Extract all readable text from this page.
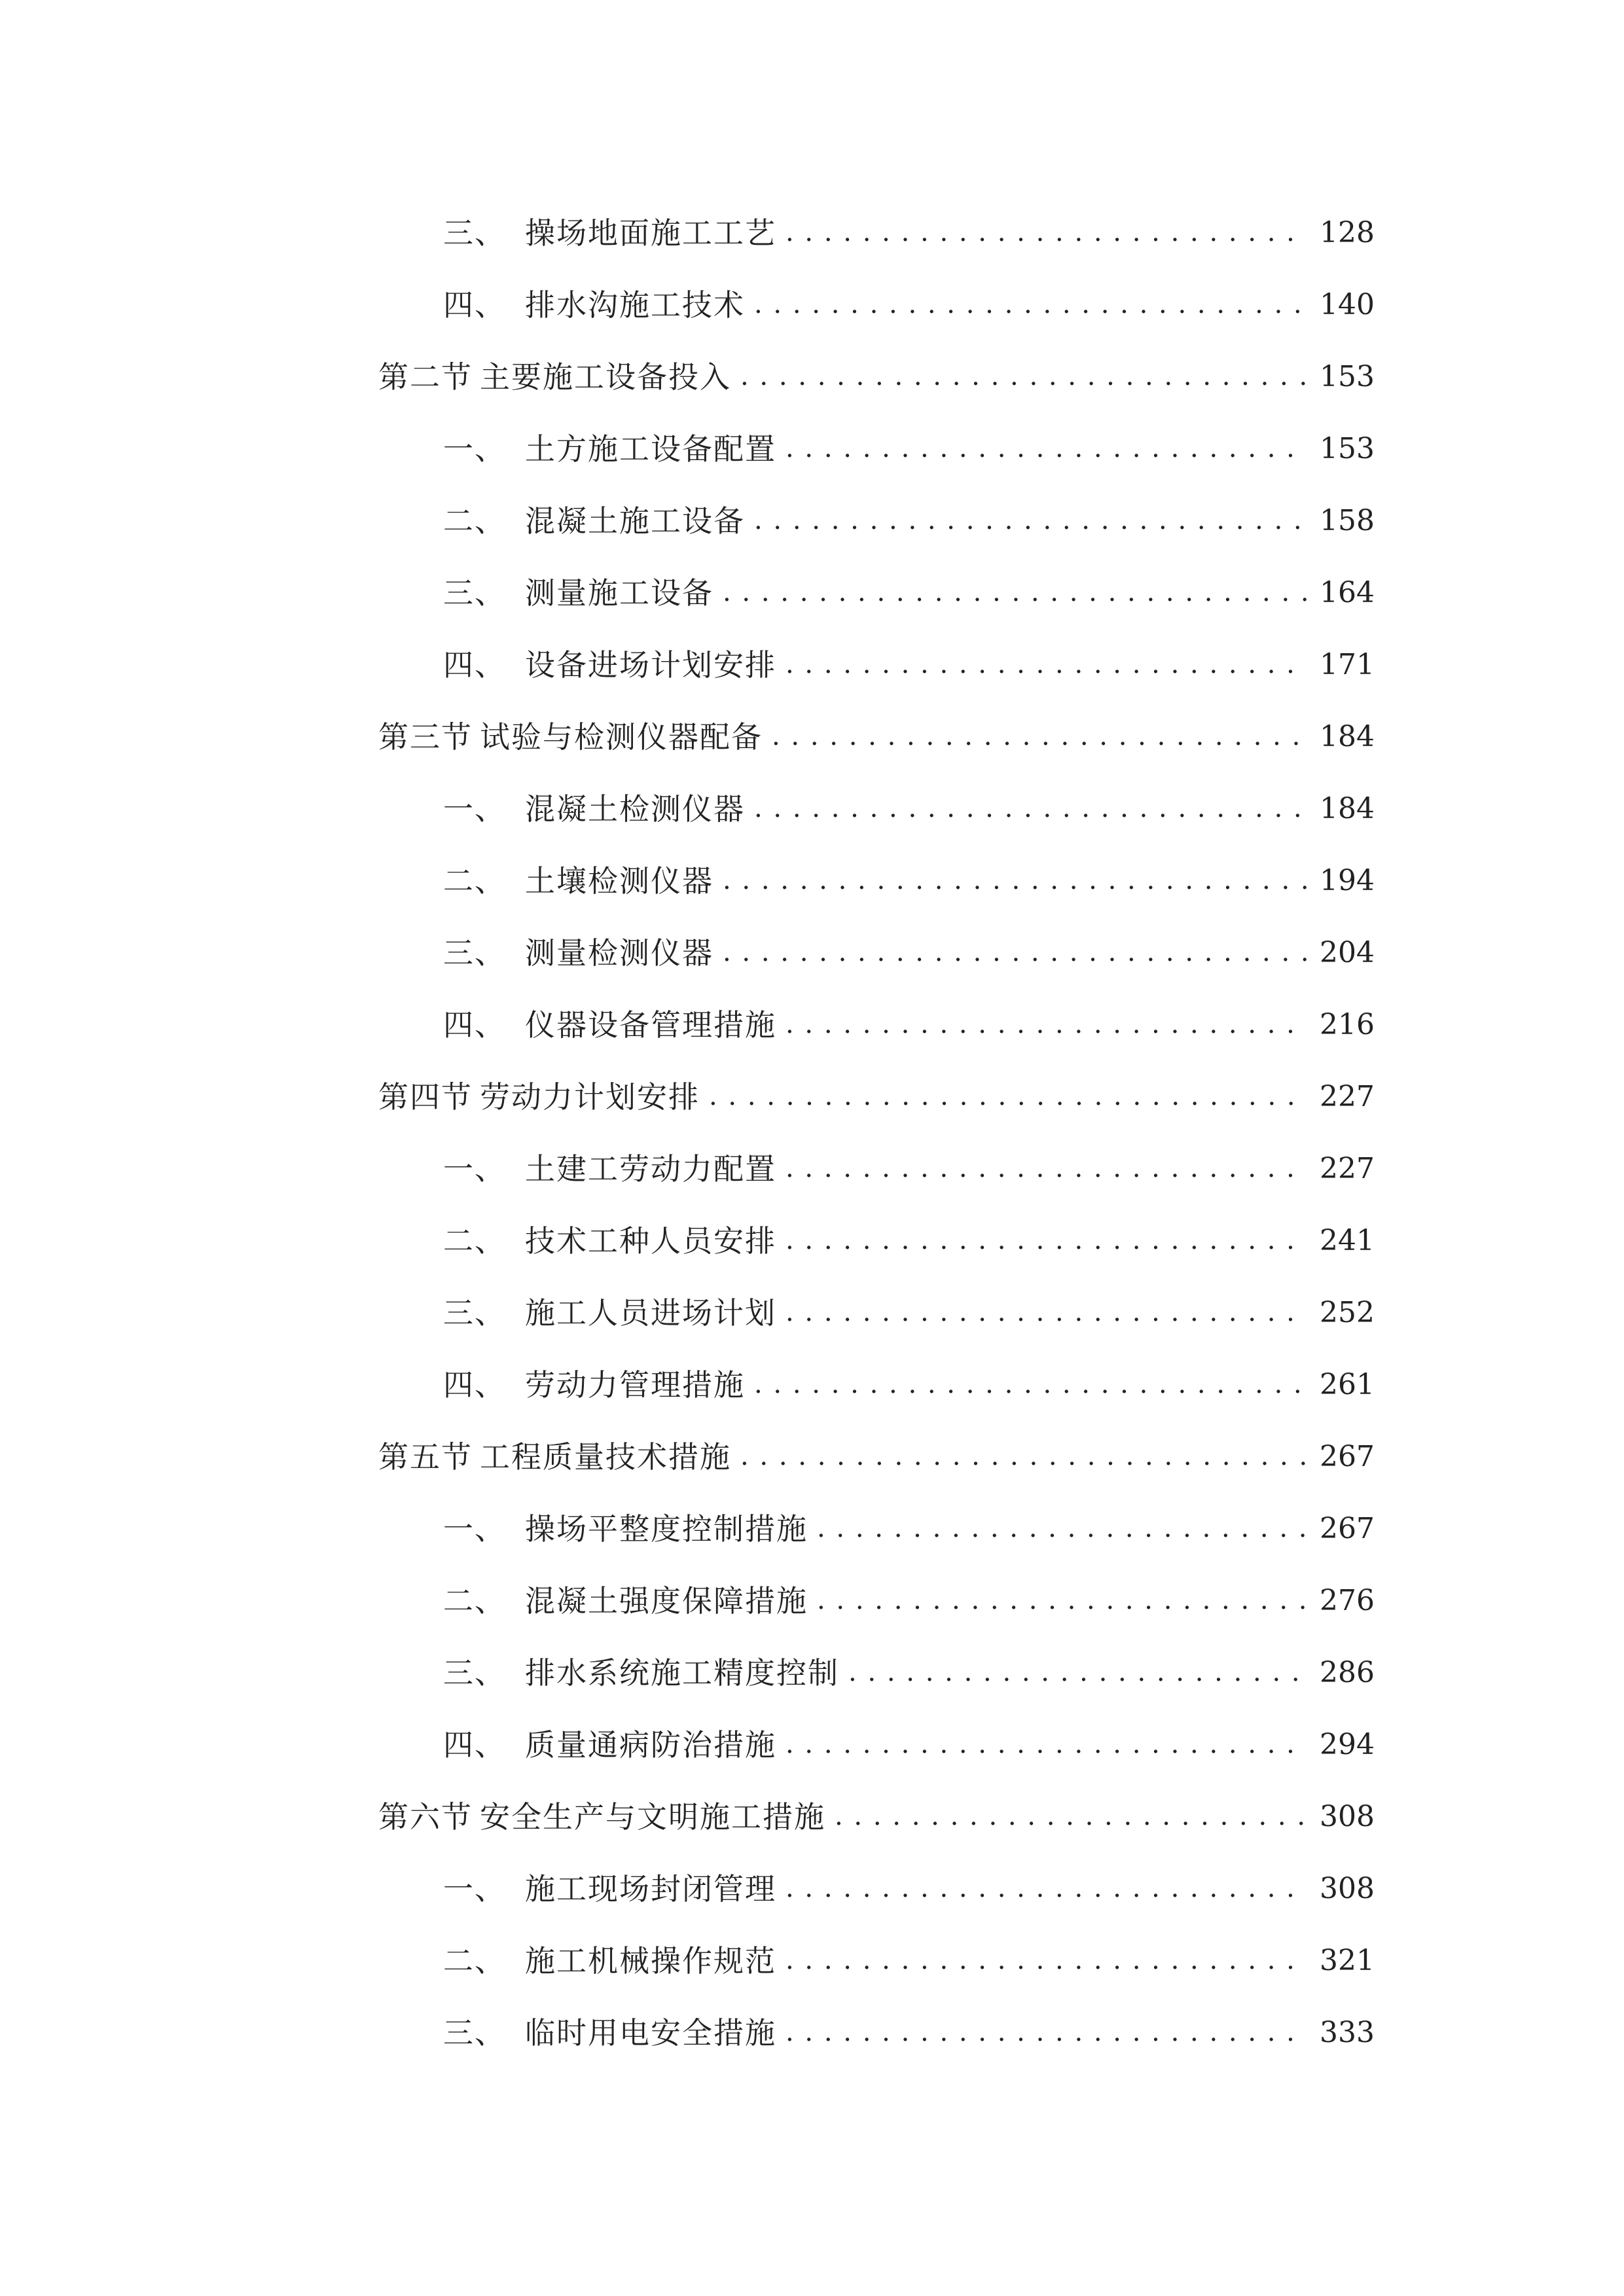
三、 操场地面施工工艺 . . .	128
四、 排水沟施工技术 . . .	140
第二节 主要施工设备投入 . . .	153
一、 土方施工设备配置 . . .	153
二、 混凝土施工设备 . . .	158
三、 测量施工设备 . . .	164
四、 设备进场计划安排 . . .	171
第三节 试验与检测仪器配备 . . .	184
一、 混凝土检测仪器 . . .	184
二、 土壤检测仪器 . . .	194
三、 测量检测仪器 . . .	204
四、 仪器设备管理措施 . . .	216
第四节 劳动力计划安排 . . .	227
一、 土建工劳动力配置 . . .	227
二、 技术工种人员安排 . . .	241
三、 施工人员进场计划 . . .	252
四、 劳动力管理措施 . . .	261
第五节 工程质量技术措施 . . .	267
一、 操场平整度控制措施 . . .	267
二、 混凝土强度保障措施 . . .	276
三、 排水系统施工精度控制 . . .	286
四、 质量通病防治措施 . . .	294
第六节 安全生产与文明施工措施 . . .	308
一、 施工现场封闭管理 . . .	308
二、 施工机械操作规范 . . .	321
三、 临时用电安全措施 . . .	333
